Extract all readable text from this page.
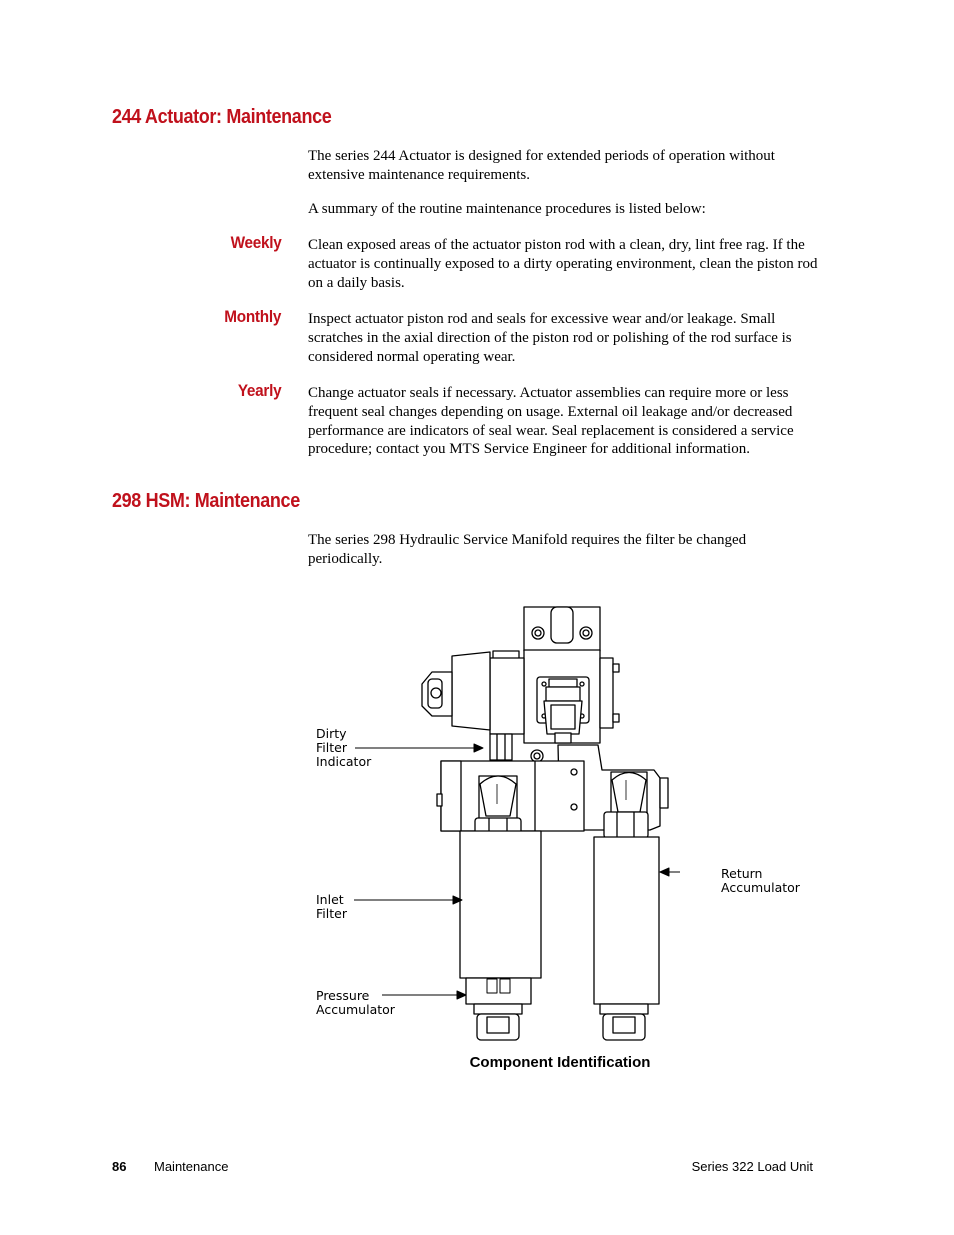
244 Actuator: Maintenance

The series 244 Actuator is designed for extended periods of operation without extensive maintenance requirements.

A summary of the routine maintenance procedures is listed below:

Weekly Clean exposed areas of the actuator piston rod with a clean, dry, lint free rag. If the actuator is continually exposed to a dirty operating environment, clean the piston rod on a daily basis.

Monthly Inspect actuator piston rod and seals for excessive wear and/or leakage. Small scratches in the axial direction of the piston rod or polishing of the rod surface is considered normal operating wear.

Yearly Change actuator seals if necessary. Actuator assemblies can require more or less frequent seal changes depending on usage. External oil leakage and/or decreased performance are indicators of seal wear. Seal replacement is considered a service procedure; contact you MTS Service Engineer for additional information.

298 HSM: Maintenance

The series 298 Hydraulic Service Manifold requires the filter be changed periodically.

Dirty
Filter
Indicator
Return
Accumulator
Inlet
Filter
Pressure
Accumulator
Component Identification
86 Maintenance	Series 322 Load Unit
